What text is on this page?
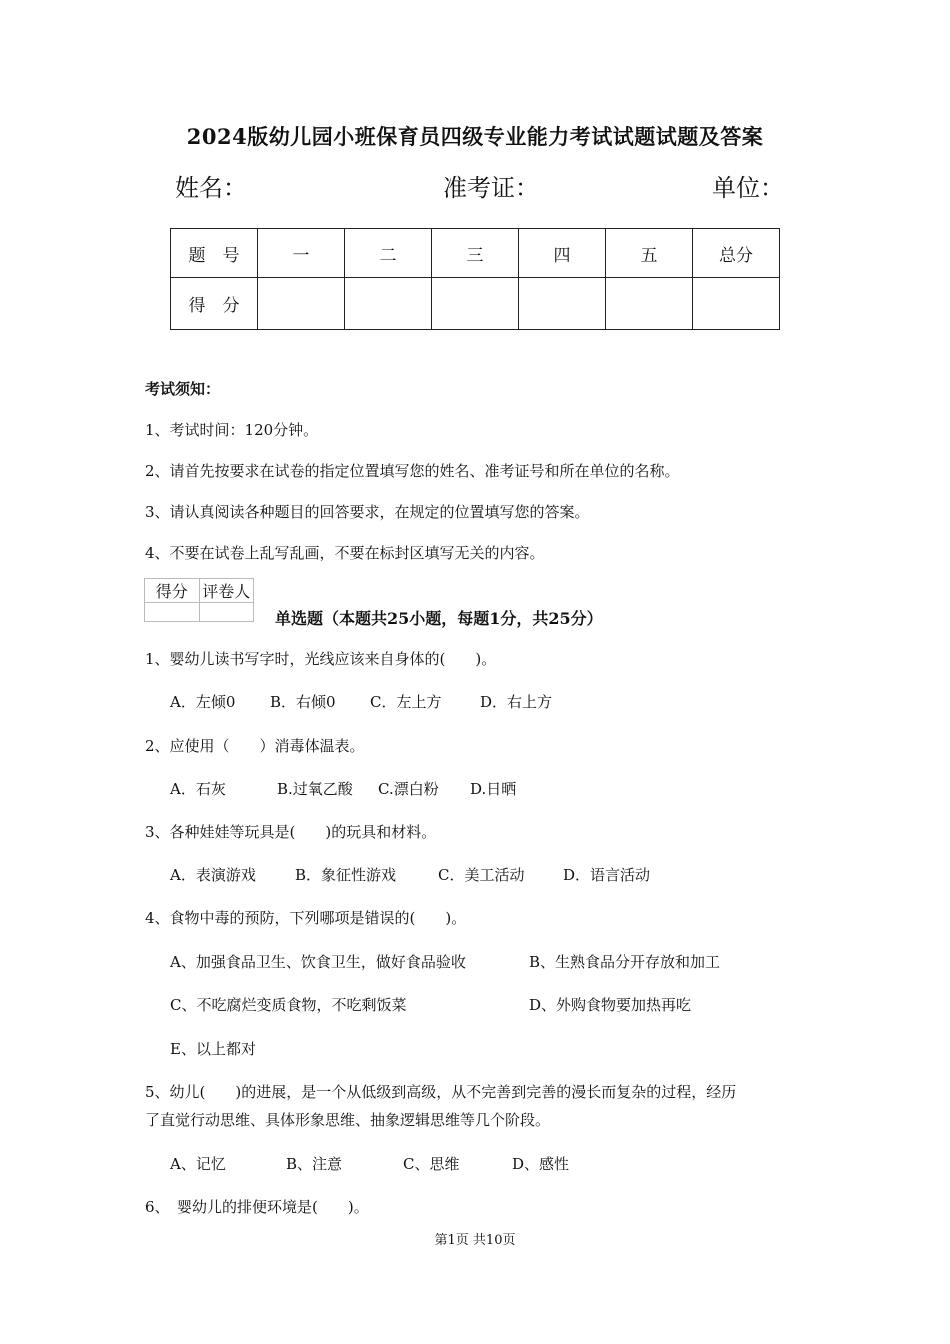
2024版幼儿园小班保育员四级专业能力考试试题试题及答案
姓名：	准考证：	单位：
题　号	一	二	三	四	五	总分
得　分						
考试须知：
1、考试时间：120分钟。
2、请首先按要求在试卷的指定位置填写您的姓名、准考证号和所在单位的名称。
3、请认真阅读各种题目的回答要求，在规定的位置填写您的答案。
4、不要在试卷上乱写乱画，不要在标封区填写无关的内容。
得分	评卷人

单选题（本题共25小题，每题1分，共25分）
1、婴幼儿读书写字时，光线应该来自身体的(　　)。
A．左倾0 B．右倾0 C．左上方	D．右上方
2、应使用（　　）消毒体温表。
A．石灰	B.过氧乙酸 C.漂白粉 D.日晒
3、各种娃娃等玩具是(　　)的玩具和材料。
A．表演游戏	B．象征性游戏	C．美工活动	D．语言活动
4、食物中毒的预防，下列哪项是错误的(　　)。
A、加强食品卫生、饮食卫生，做好食品验收	B、生熟食品分开存放和加工
C、不吃腐烂变质食物，不吃剩饭菜	D、外购食物要加热再吃
E、以上都对
5、幼儿(　　)的进展，是一个从低级到高级，从不完善到完善的漫长而复杂的过程，经历
了直觉行动思维、具体形象思维、抽象逻辑思维等几个阶段。
A、记忆	B、注意	C、思维	D、感性
6、　婴幼儿的排便环境是(　　)。
第1页 共10页
